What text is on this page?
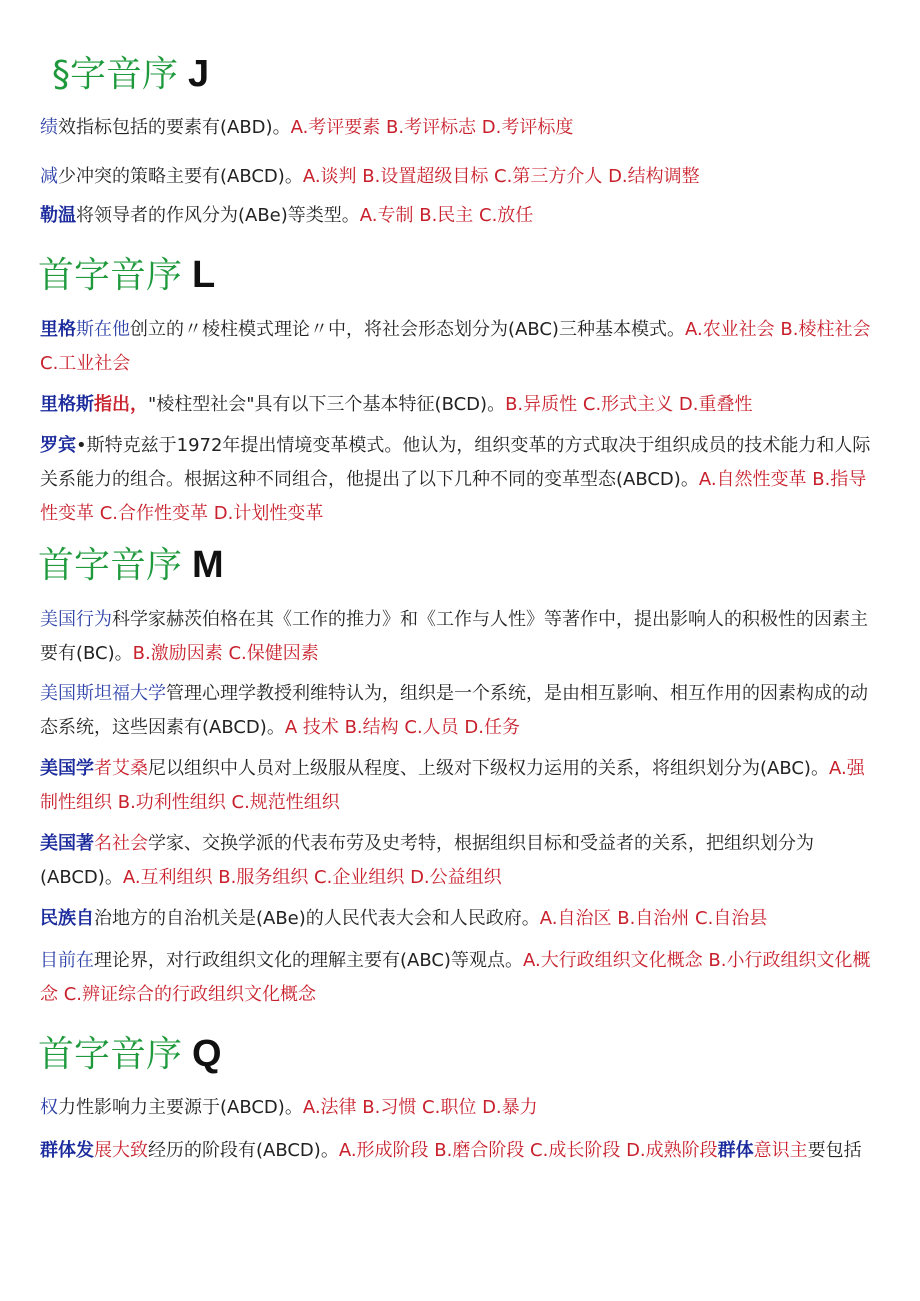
§字音序 J

绩效指标包括的要素有(ABD)。A.考评要素 B.考评标志 D.考评标度

减少冲突的策略主要有(ABCD)。A.谈判 B.设置超级目标 C.第三方介人 D.结构调整

勒温将领导者的作风分为(ABe)等类型。A.专制 B.民主 C.放任

首字音序 L

里格斯在他创立的〃棱柱模式理论〃中，将社会形态划分为(ABC)三种基本模式。A.农业社会 B.棱柱社会 C.工业社会

里格斯指出，"棱柱型社会"具有以下三个基本特征(BCD)。B.异质性 C.形式主义 D.重叠性

罗宾•斯特克兹于1972年提出情境变革模式。他认为，组织变革的方式取决于组织成员的技术能力和人际关系能力的组合。根据这种不同组合，他提出了以下几种不同的变革型态(ABCD)。A.自然性变革 B.指导性变革 C.合作性变革 D.计划性变革

首字音序 M

美国行为科学家赫茨伯格在其《工作的推力》和《工作与人性》等著作中，提出影响人的积极性的因素主要有(BC)。B.激励因素 C.保健因素

美国斯坦福大学管理心理学教授利维特认为，组织是一个系统，是由相互影响、相互作用的因素构成的动态系统，这些因素有(ABCD)。A 技术 B.结构 C.人员 D.任务

美国学者艾桑尼以组织中人员对上级服从程度、上级对下级权力运用的关系，将组织划分为(ABC)。A.强制性组织 B.功利性组织 C.规范性组织

美国著名社会学家、交换学派的代表布劳及史考特，根据组织目标和受益者的关系，把组织划分为(ABCD)。A.互利组织 B.服务组织 C.企业组织 D.公益组织

民族自治地方的自治机关是(ABe)的人民代表大会和人民政府。A.自治区 B.自治州 C.自治县

目前在理论界，对行政组织文化的理解主要有(ABC)等观点。A.大行政组织文化概念 B.小行政组织文化概念 C.辨证综合的行政组织文化概念

首字音序 Q

权力性影响力主要源于(ABCD)。A.法律 B.习惯 C.职位 D.暴力

群体发展大致经历的阶段有(ABCD)。A.形成阶段 B.磨合阶段 C.成长阶段 D.成熟阶段群体意识主要包括
